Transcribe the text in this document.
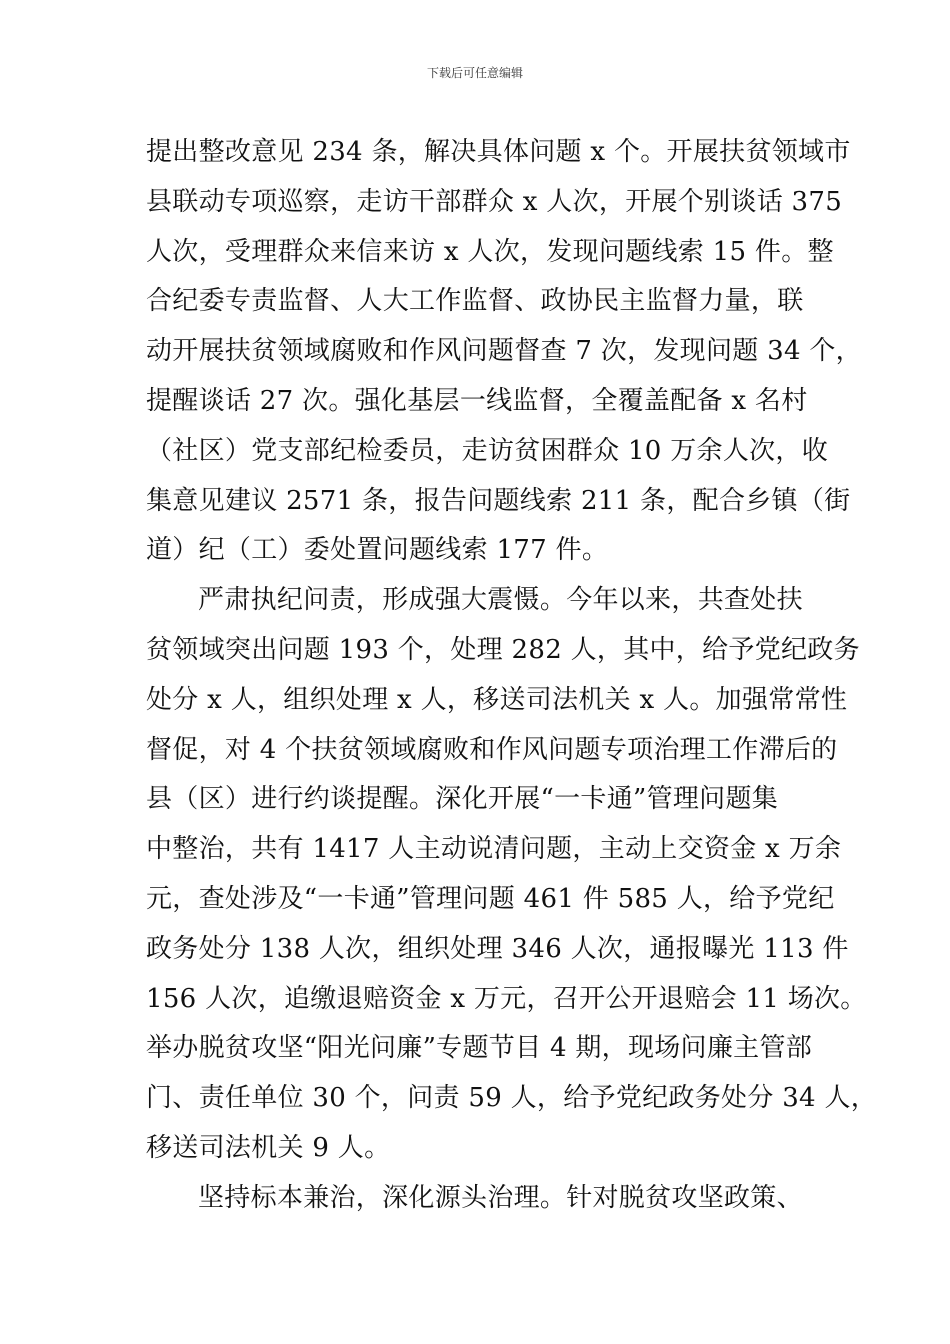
下载后可任意编辑
提出整改意见 234 条，解决具体问题 x 个。开展扶贫领域市
县联动专项巡察，走访干部群众 x 人次，开展个别谈话 375
人次，受理群众来信来访 x 人次，发现问题线索 15 件。整
合纪委专责监督、人大工作监督、政协民主监督力量，联
动开展扶贫领域腐败和作风问题督查 7 次，发现问题 34 个，
提醒谈话 27 次。强化基层一线监督，全覆盖配备 x 名村
（社区）党支部纪检委员，走访贫困群众 10 万余人次，收
集意见建议 2571 条，报告问题线索 211 条，配合乡镇（街
道）纪（工）委处置问题线索 177 件。
严肃执纪问责，形成强大震慑。今年以来，共查处扶
贫领域突出问题 193 个，处理 282 人，其中，给予党纪政务
处分 x 人，组织处理 x 人，移送司法机关 x 人。加强常常性
督促，对 4 个扶贫领域腐败和作风问题专项治理工作滞后的
县（区）进行约谈提醒。深化开展“一卡通”管理问题集
中整治，共有 1417 人主动说清问题，主动上交资金 x 万余
元，查处涉及“一卡通”管理问题 461 件 585 人，给予党纪
政务处分 138 人次，组织处理 346 人次，通报曝光 113 件
156 人次，追缴退赔资金 x 万元，召开公开退赔会 11 场次。
举办脱贫攻坚“阳光问廉”专题节目 4 期，现场问廉主管部
门、责任单位 30 个，问责 59 人，给予党纪政务处分 34 人，
移送司法机关 9 人。
坚持标本兼治，深化源头治理。针对脱贫攻坚政策、
